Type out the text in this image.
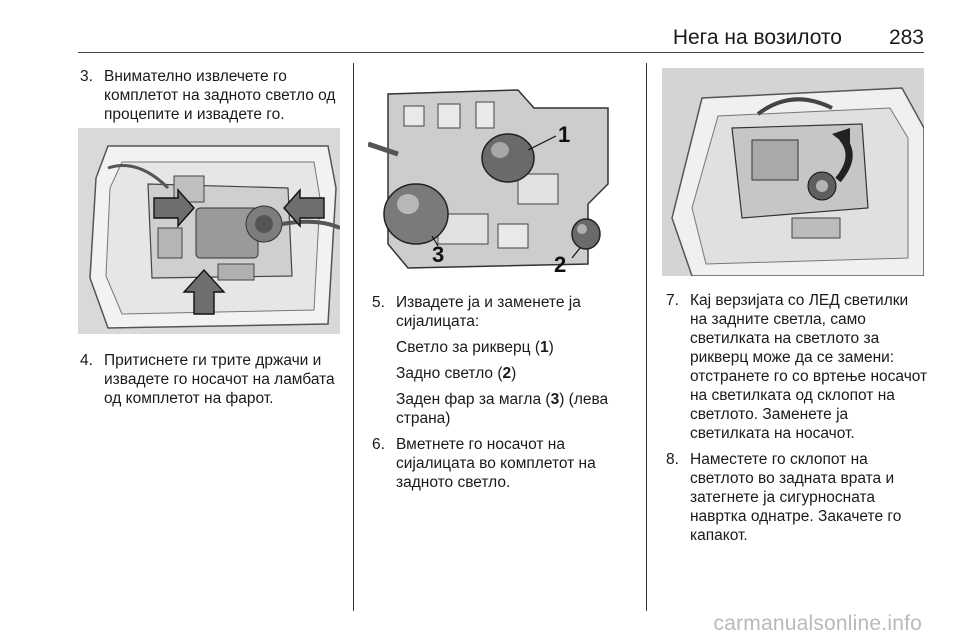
Нега на возилото 283
3. Внимателно извлечете го комплетот на задното светло од процепите и извадете го.
4. Притиснете ги трите држачи и извадете го носачот на ламбата од комплетот на фарот.
1
3	2
5. Извадете ја и заменете ја сијалицата:
Светло за рикверц (1)
Задно светло (2)
Заден фар за магла (3) (лева страна)
6. Вметнете го носачот на сијалицата во комплетот на задното светло.
7. Кај верзијата со ЛЕД светилки на задните светла, само светилката на светлото за рикверц може да се замени: отстранете го со вртење носачот на светилката од склопот на светлото. Заменете ја светилката на носачот.
8. Наместете го склопот на светлото во задната врата и затегнете ја сигурносната навртка однатре. Закачете го капакот.
carmanualsonline.info
